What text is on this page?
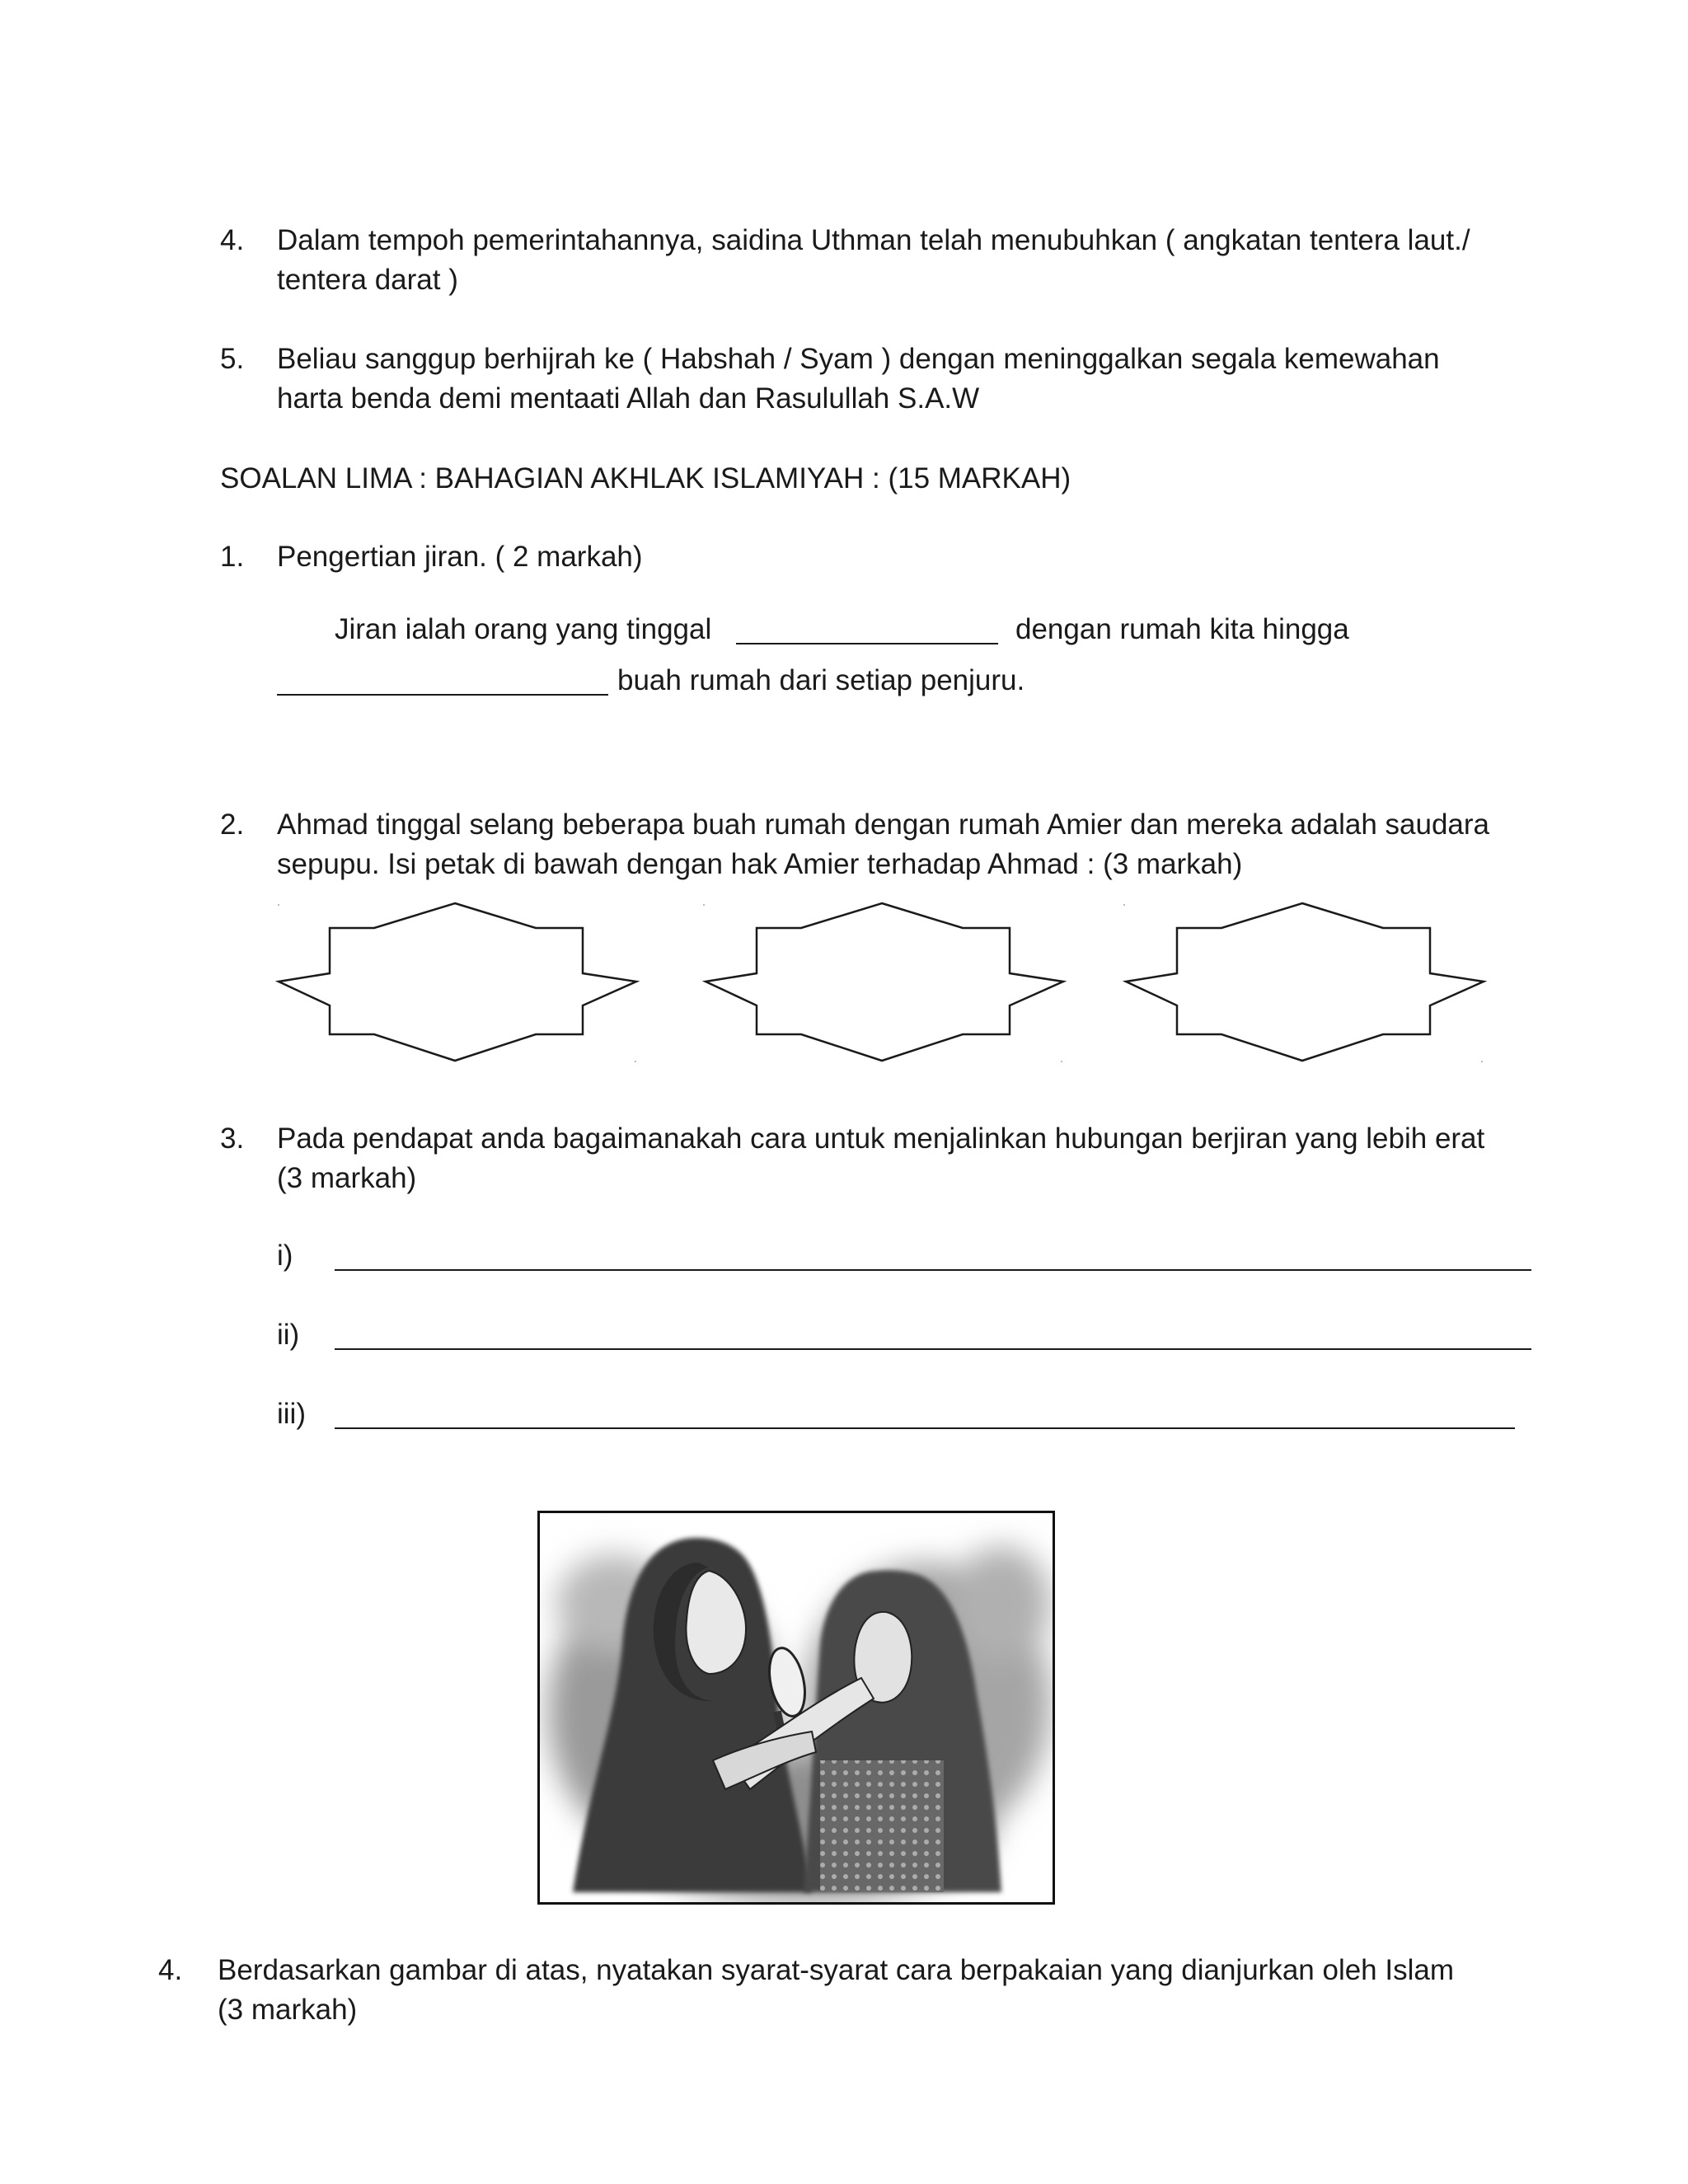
4. Dalam tempoh pemerintahannya, saidina Uthman telah menubuhkan ( angkatan tentera laut./
tentera darat )
5. Beliau sanggup berhijrah ke ( Habshah / Syam ) dengan meninggalkan segala kemewahan
harta benda demi mentaati Allah dan Rasulullah S.A.W
SOALAN LIMA : BAHAGIAN AKHLAK ISLAMIYAH : (15 MARKAH)
1. Pengertian jiran. ( 2 markah)
Jiran ialah orang yang tinggal	dengan rumah kita hingga
buah rumah dari setiap penjuru.
2. Ahmad tinggal selang beberapa buah rumah dengan rumah Amier dan mereka adalah saudara
sepupu. Isi petak di bawah dengan hak Amier terhadap Ahmad : (3 markah)
3. Pada pendapat anda bagaimanakah cara untuk menjalinkan hubungan berjiran yang lebih erat
(3 markah)
i)
ii)
iii)
4. Berdasarkan gambar di atas, nyatakan syarat-syarat cara berpakaian yang dianjurkan oleh Islam
(3 markah)
